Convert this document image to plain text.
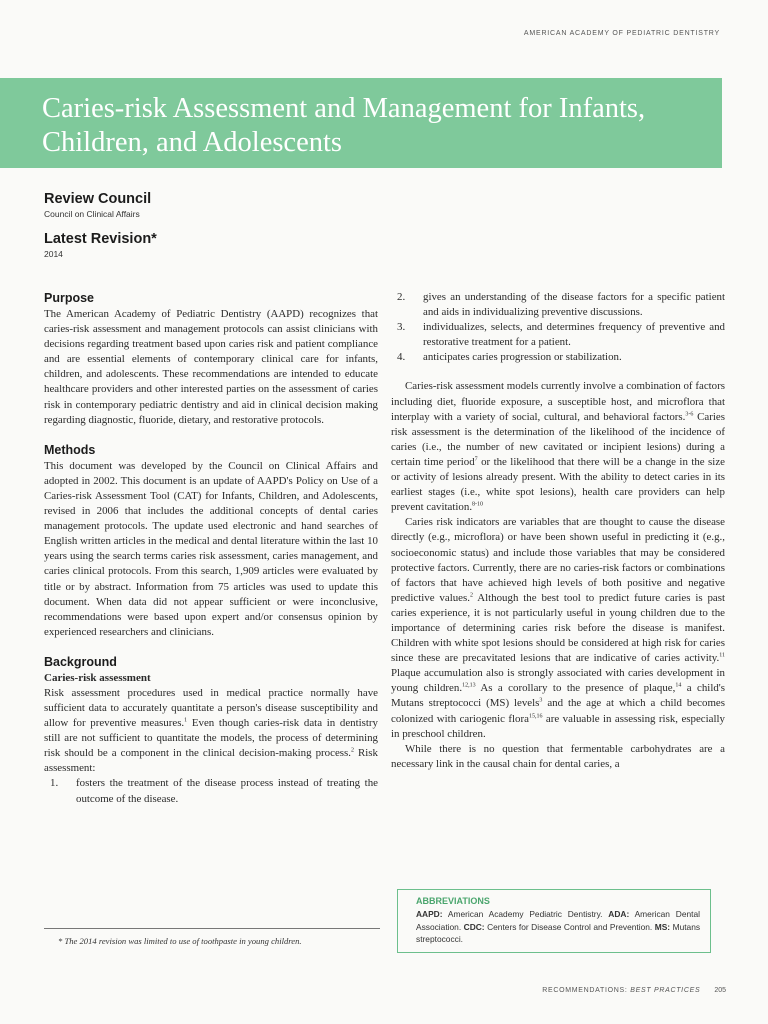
AMERICAN ACADEMY OF PEDIATRIC DENTISTRY
Caries-risk Assessment and Management for Infants, Children, and Adolescents
Review Council
Council on Clinical Affairs
Latest Revision*
2014
Purpose

The American Academy of Pediatric Dentistry (AAPD) recognizes that caries-risk assessment and management protocols can assist clinicians with decisions regarding treatment based upon caries risk and patient compliance and are essential elements of contemporary clinical care for infants, children, and adolescents. These recommendations are intended to educate healthcare providers and other interested parties on the assessment of caries risk in contemporary pediatric dentistry and aid in clinical decision making regarding diagnostic, fluoride, dietary, and restorative protocols.

Methods

This document was developed by the Council on Clinical Affairs and adopted in 2002. This document is an update of AAPD's Policy on Use of a Caries-risk Assessment Tool (CAT) for Infants, Children, and Adolescents, revised in 2006 that includes the additional concepts of dental caries management protocols. The update used electronic and hand searches of English written articles in the medical and dental literature within the last 10 years using the search terms caries risk assessment, caries management, and caries clinical protocols. From this search, 1,909 articles were evaluated by title or by abstract. Information from 75 articles was used to update this document. When data did not appear sufficient or were inconclusive, recommendations were based upon expert and/or consensus opinion by experienced researchers and clinicians.

Background
Caries-risk assessment

Risk assessment procedures used in medical practice normally have sufficient data to accurately quantitate a person's disease susceptibility and allow for preventive measures.$^1$ Even though caries-risk data in dentistry still are not sufficient to quantitate the models, the process of determining risk should be a component in the clinical decision-making process.$^2$ Risk assessment:

1.	fosters the treatment of the disease process instead of treating the outcome of the disease.
2.	gives an understanding of the disease factors for a specific patient and aids in individualizing preventive discussions.
3.	individualizes, selects, and determines frequency of preventive and restorative treatment for a patient.
4.	anticipates caries progression or stabilization.

Caries-risk assessment models currently involve a combination of factors including diet, fluoride exposure, a susceptible host, and microflora that interplay with a variety of social, cultural, and behavioral factors.$^{3-6}$ Caries risk assessment is the determination of the likelihood of the incidence of caries (i.e., the number of new cavitated or incipient lesions) during a certain time period$^7$ or the likelihood that there will be a change in the size or activity of lesions already present. With the ability to detect caries in its earliest stages (i.e., white spot lesions), health care providers can help prevent cavitation.$^{8-10}$

Caries risk indicators are variables that are thought to cause the disease directly (e.g., microflora) or have been shown useful in predicting it (e.g., socioeconomic status) and include those variables that may be considered protective factors. Currently, there are no caries-risk factors or combinations of factors that have achieved high levels of both positive and negative predictive values.$^2$ Although the best tool to predict future caries is past caries experience, it is not particularly useful in young children due to the importance of determining caries risk before the disease is manifest. Children with white spot lesions should be considered at high risk for caries since these are precavitated lesions that are indicative of caries activity.$^{11}$ Plaque accumulation also is strongly associated with caries development in young children.$^{12,13}$ As a corollary to the presence of plaque,$^{14}$ a child's Mutans streptococci (MS) levels$^3$ and the age at which a child becomes colonized with cariogenic flora$^{15,16}$ are valuable in assessing risk, especially in preschool children.

While there is no question that fermentable carbohydrates are a necessary link in the causal chain for dental caries, a

* The 2014 revision was limited to use of toothpaste in young children.
ABBREVIATIONS
AAPD: American Academy Pediatric Dentistry. ADA: American Dental Association. CDC: Centers for Disease Control and Prevention. MS: Mutans streptococci.
RECOMMENDATIONS: BEST PRACTICES 205
